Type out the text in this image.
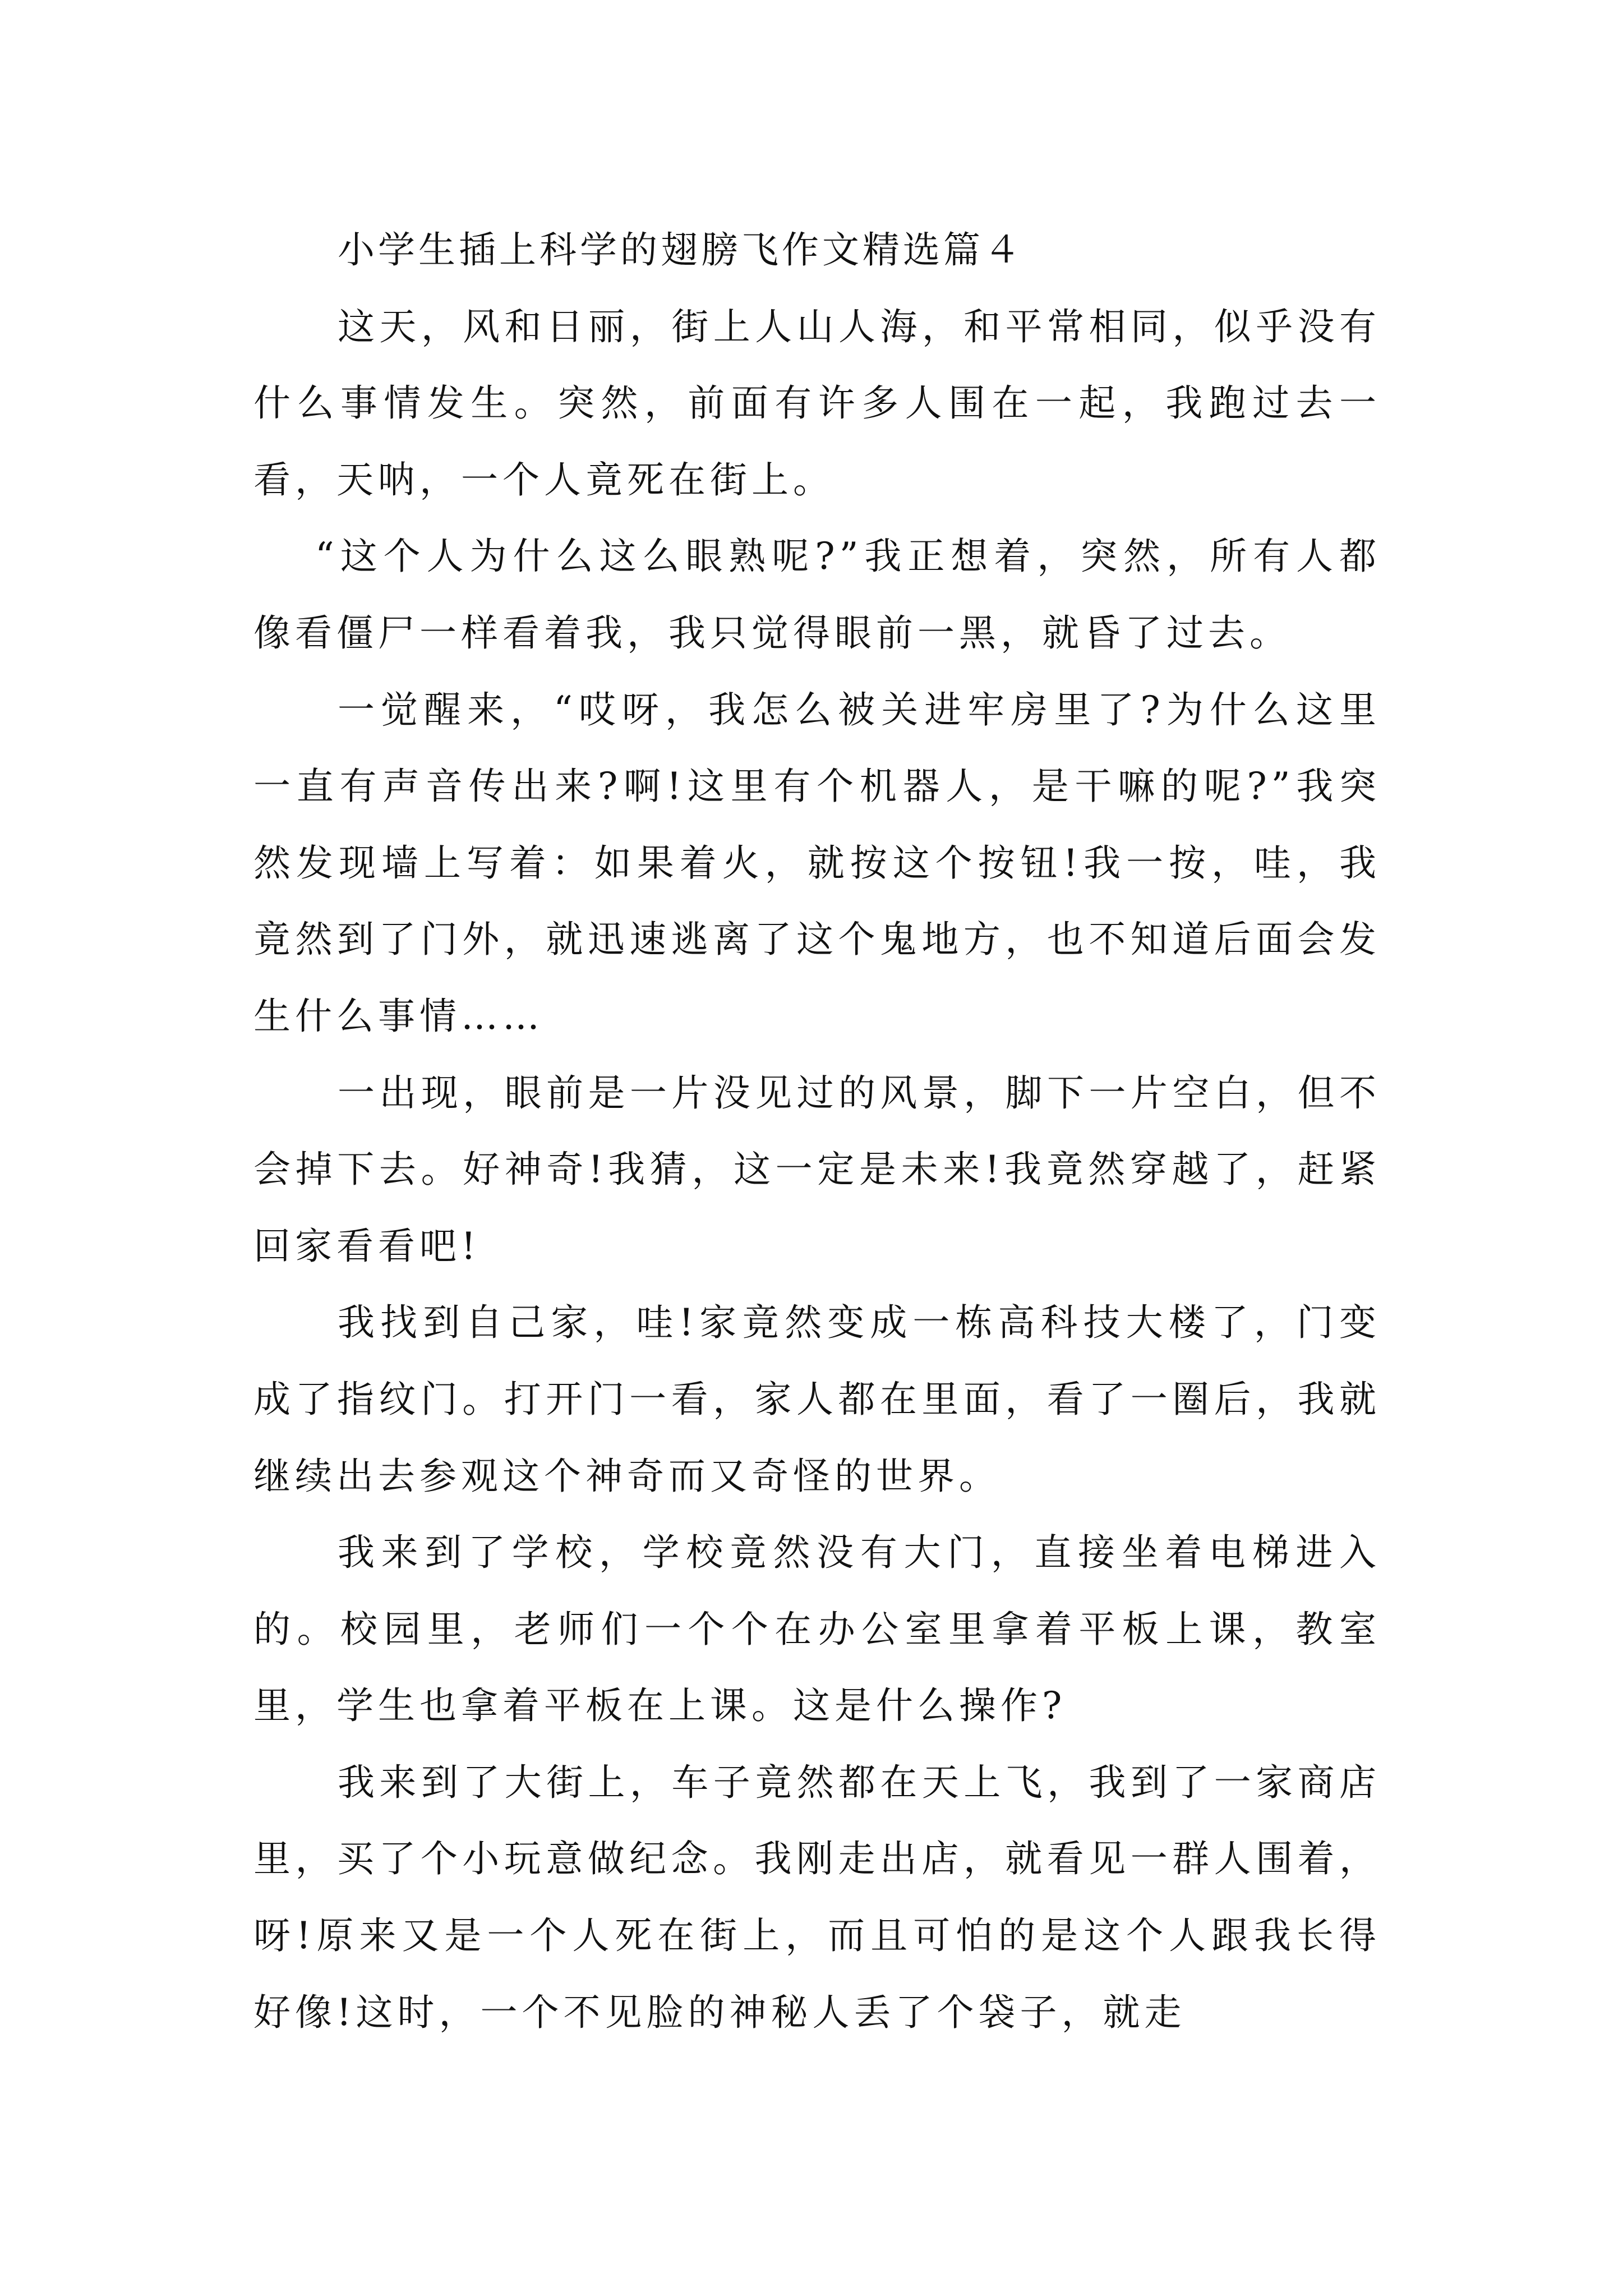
小学生插上科学的翅膀飞作文精选篇４

这天，风和日丽，街上人山人海，和平常相同，似乎没有什么事情发生。突然，前面有许多人围在一起，我跑过去一看，天呐，一个人竟死在街上。

“这个人为什么这么眼熟呢?”我正想着，突然，所有人都像看僵尸一样看着我，我只觉得眼前一黑，就昏了过去。

一觉醒来，“哎呀，我怎么被关进牢房里了?为什么这里一直有声音传出来?啊!这里有个机器人，是干嘛的呢?”我突然发现墙上写着：如果着火，就按这个按钮!我一按，哇，我竟然到了门外，就迅速逃离了这个鬼地方，也不知道后面会发生什么事情……

一出现，眼前是一片没见过的风景，脚下一片空白，但不会掉下去。好神奇!我猜，这一定是未来!我竟然穿越了，赶紧回家看看吧!

我找到自己家，哇!家竟然变成一栋高科技大楼了，门变成了指纹门。打开门一看，家人都在里面，看了一圈后，我就继续出去参观这个神奇而又奇怪的世界。

我来到了学校，学校竟然没有大门，直接坐着电梯进入的。校园里，老师们一个个在办公室里拿着平板上课，教室里，学生也拿着平板在上课。这是什么操作?

我来到了大街上，车子竟然都在天上飞，我到了一家商店里，买了个小玩意做纪念。我刚走出店，就看见一群人围着，呀!原来又是一个人死在街上，而且可怕的是这个人跟我长得好像!这时，一个不见脸的神秘人丢了个袋子，就走
